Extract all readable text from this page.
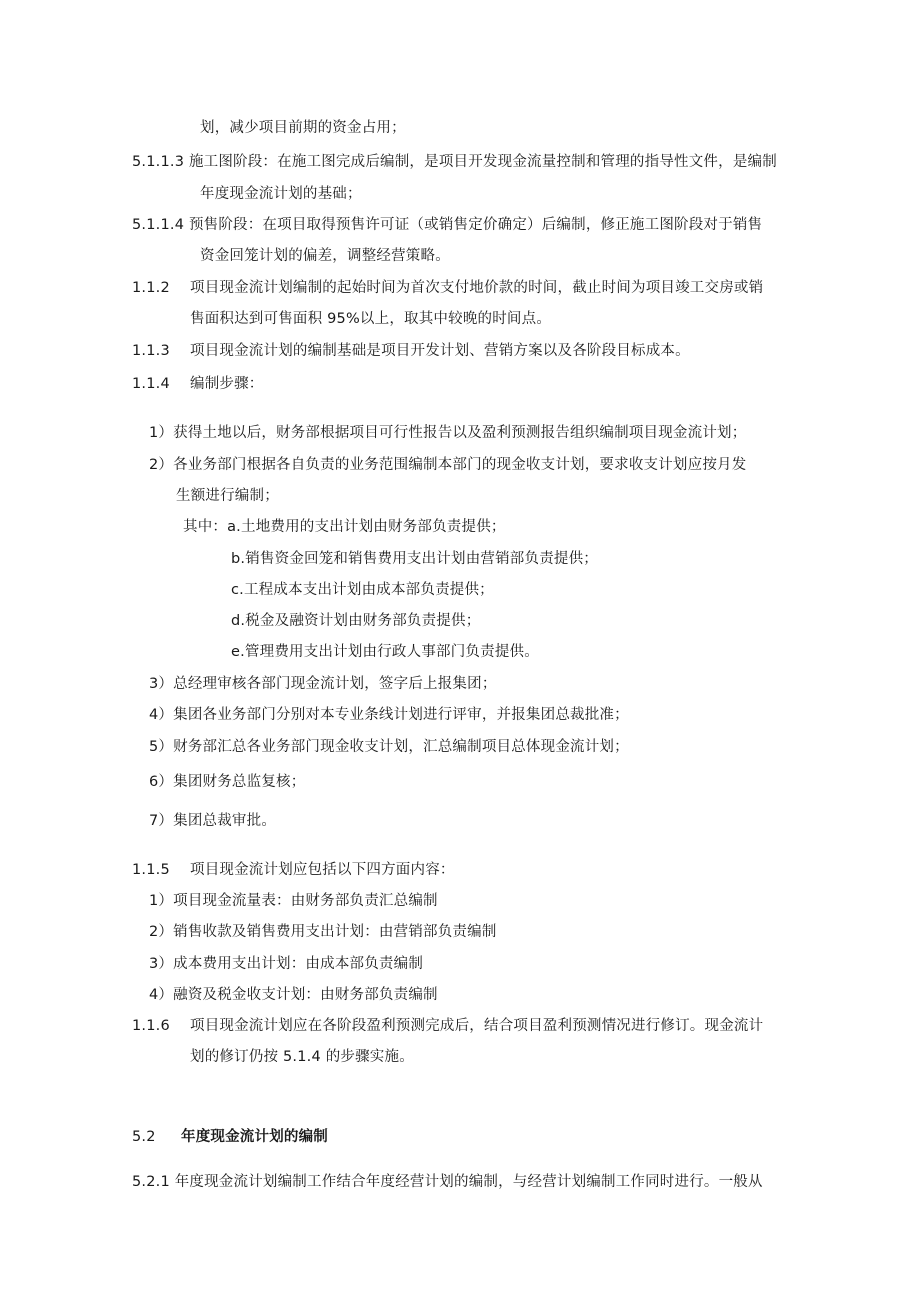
划，减少项目前期的资金占用；
5.1.1.3 施工图阶段：在施工图完成后编制，是项目开发现金流量控制和管理的指导性文件，是编制
年度现金流计划的基础；
5.1.1.4 预售阶段：在项目取得预售许可证（或销售定价确定）后编制，修正施工图阶段对于销售
资金回笼计划的偏差，调整经营策略。
1.1.2 项目现金流计划编制的起始时间为首次支付地价款的时间，截止时间为项目竣工交房或销
售面积达到可售面积 95%以上，取其中较晚的时间点。
1.1.3 项目现金流计划的编制基础是项目开发计划、营销方案以及各阶段目标成本。
1.1.4 编制步骤：
1）获得土地以后，财务部根据项目可行性报告以及盈利预测报告组织编制项目现金流计划；
2）各业务部门根据各自负责的业务范围编制本部门的现金收支计划，要求收支计划应按月发
生额进行编制；
其中：a.土地费用的支出计划由财务部负责提供；
b.销售资金回笼和销售费用支出计划由营销部负责提供；
c.工程成本支出计划由成本部负责提供；
d.税金及融资计划由财务部负责提供；
e.管理费用支出计划由行政人事部门负责提供。
3）总经理审核各部门现金流计划，签字后上报集团；
4）集团各业务部门分别对本专业条线计划进行评审，并报集团总裁批准；
5）财务部汇总各业务部门现金收支计划，汇总编制项目总体现金流计划；
6）集团财务总监复核；
7）集团总裁审批。
1.1.5 项目现金流计划应包括以下四方面内容：
1）项目现金流量表：由财务部负责汇总编制
2）销售收款及销售费用支出计划：由营销部负责编制
3）成本费用支出计划：由成本部负责编制
4）融资及税金收支计划：由财务部负责编制
1.1.6 项目现金流计划应在各阶段盈利预测完成后，结合项目盈利预测情况进行修订。现金流计
划的修订仍按 5.1.4 的步骤实施。
5.2 年度现金流计划的编制
5.2.1 年度现金流计划编制工作结合年度经营计划的编制，与经营计划编制工作同时进行。一般从
